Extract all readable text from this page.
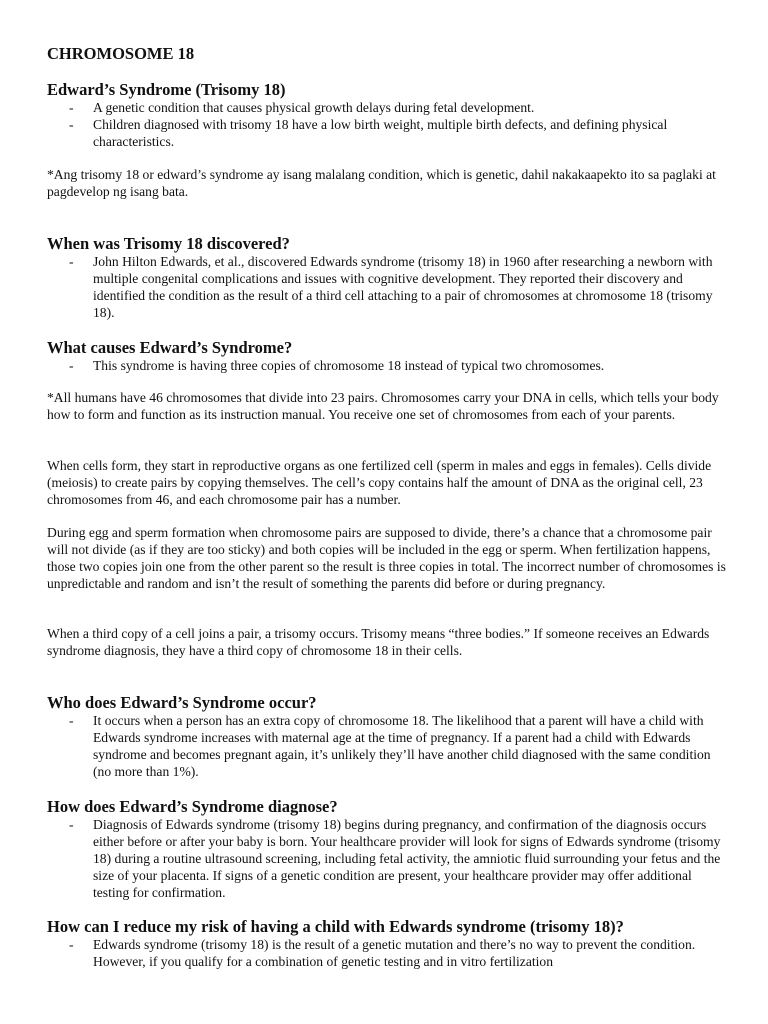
CHROMOSOME 18
Edward’s Syndrome (Trisomy 18)
- A genetic condition that causes physical growth delays during fetal development.
- Children diagnosed with trisomy 18 have a low birth weight, multiple birth defects, and defining physical characteristics.

*Ang trisomy 18 or edward’s syndrome ay isang malalang condition, which is genetic, dahil nakakaapekto ito sa paglaki at pagdevelop ng isang bata.

When was Trisomy 18 discovered?
- John Hilton Edwards, et al., discovered Edwards syndrome (trisomy 18) in 1960 after researching a newborn with multiple congenital complications and issues with cognitive development. They reported their discovery and identified the condition as the result of a third cell attaching to a pair of chromosomes at chromosome 18 (trisomy 18).
What causes Edward’s Syndrome?
- This syndrome is having three copies of chromosome 18 instead of typical two chromosomes.

*All humans have 46 chromosomes that divide into 23 pairs. Chromosomes carry your DNA in cells, which tells your body how to form and function as its instruction manual. You receive one set of chromosomes from each of your parents.

When cells form, they start in reproductive organs as one fertilized cell (sperm in males and eggs in females). Cells divide (meiosis) to create pairs by copying themselves. The cell’s copy contains half the amount of DNA as the original cell, 23 chromosomes from 46, and each chromosome pair has a number.

During egg and sperm formation when chromosome pairs are supposed to divide, there’s a chance that a chromosome pair will not divide (as if they are too sticky) and both copies will be included in the egg or sperm. When fertilization happens, those two copies join one from the other parent so the result is three copies in total. The incorrect number of chromosomes is unpredictable and random and isn’t the result of something the parents did before or during pregnancy.

When a third copy of a cell joins a pair, a trisomy occurs. Trisomy means “three bodies.” If someone receives an Edwards syndrome diagnosis, they have a third copy of chromosome 18 in their cells.

Who does Edward’s Syndrome occur?
- It occurs when a person has an extra copy of chromosome 18. The likelihood that a parent will have a child with Edwards syndrome increases with maternal age at the time of pregnancy. If a parent had a child with Edwards syndrome and becomes pregnant again, it’s unlikely they’ll have another child diagnosed with the same condition (no more than 1%).
How does Edward’s Syndrome diagnose?
- Diagnosis of Edwards syndrome (trisomy 18) begins during pregnancy, and confirmation of the diagnosis occurs either before or after your baby is born. Your healthcare provider will look for signs of Edwards syndrome (trisomy 18) during a routine ultrasound screening, including fetal activity, the amniotic fluid surrounding your fetus and the size of your placenta. If signs of a genetic condition are present, your healthcare provider may offer additional testing for confirmation.
How can I reduce my risk of having a child with Edwards syndrome (trisomy 18)?
- Edwards syndrome (trisomy 18) is the result of a genetic mutation and there’s no way to prevent the condition. However, if you qualify for a combination of genetic testing and in vitro fertilization
